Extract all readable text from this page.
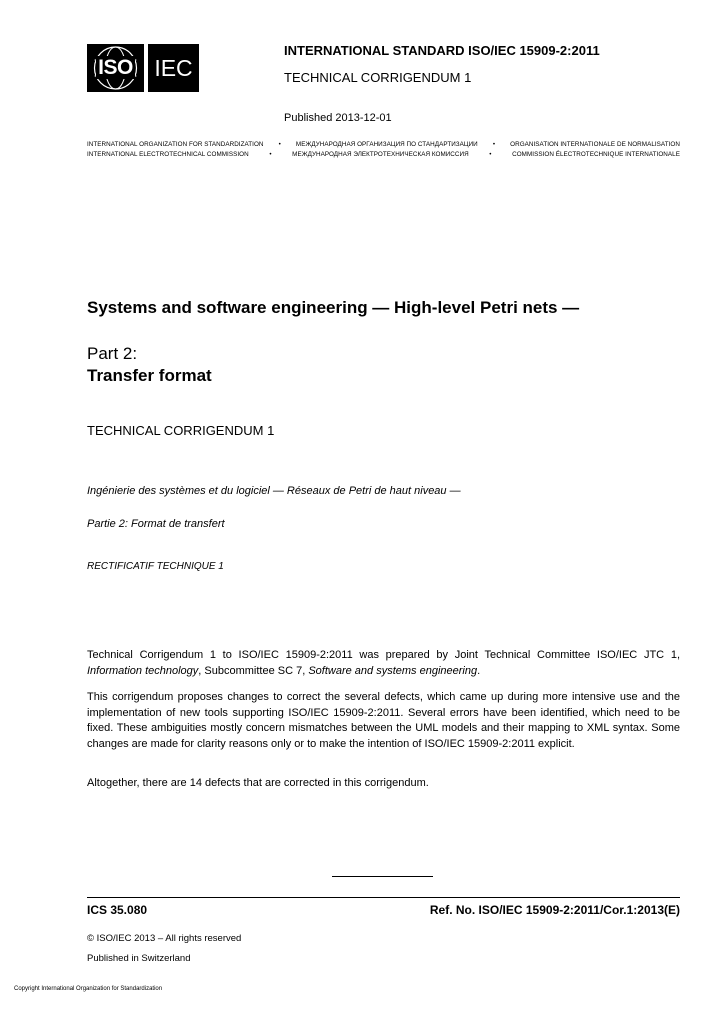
ISO IEC
INTERNATIONAL STANDARD ISO/IEC 15909-2:2011
TECHNICAL CORRIGENDUM 1
Published 2013-12-01
INTERNATIONAL ORGANIZATION FOR STANDARDIZATION • МЕЖДУНАРОДНАЯ ОРГАНИЗАЦИЯ ПО СТАНДАРТИЗАЦИИ • ORGANISATION INTERNATIONALE DE NORMALISATION
INTERNATIONAL ELECTROTECHNICAL COMMISSION	•	МЕЖДУНАРОДНАЯ ЭЛЕКТРОТЕХНИЧЕСКАЯ КОМИССИЯ	•	COMMISSION ÉLECTROTECHNIQUE INTERNATIONALE
Systems and software engineering — High-level Petri nets —
Part 2:
Transfer format
TECHNICAL CORRIGENDUM 1
Ingénierie des systèmes et du logiciel — Réseaux de Petri de haut niveau —
Partie 2: Format de transfert
RECTIFICATIF TECHNIQUE 1
Technical Corrigendum 1 to ISO/IEC 15909-2:2011 was prepared by Joint Technical Committee ISO/IEC JTC 1, Information technology, Subcommittee SC 7, Software and systems engineering.
This corrigendum proposes changes to correct the several defects, which came up during more intensive use and the implementation of new tools supporting ISO/IEC 15909-2:2011. Several errors have been identified, which need to be fixed. These ambiguities mostly concern mismatches between the UML models and their mapping to XML syntax. Some changes are made for clarity reasons only or to make the intention of ISO/IEC 15909-2:2011 explicit.
Altogether, there are 14 defects that are corrected in this corrigendum.
ICS 35.080	Ref. No. ISO/IEC 15909-2:2011/Cor.1:2013(E)
© ISO/IEC 2013 – All rights reserved
Published in Switzerland
Copyright International Organization for Standardization
